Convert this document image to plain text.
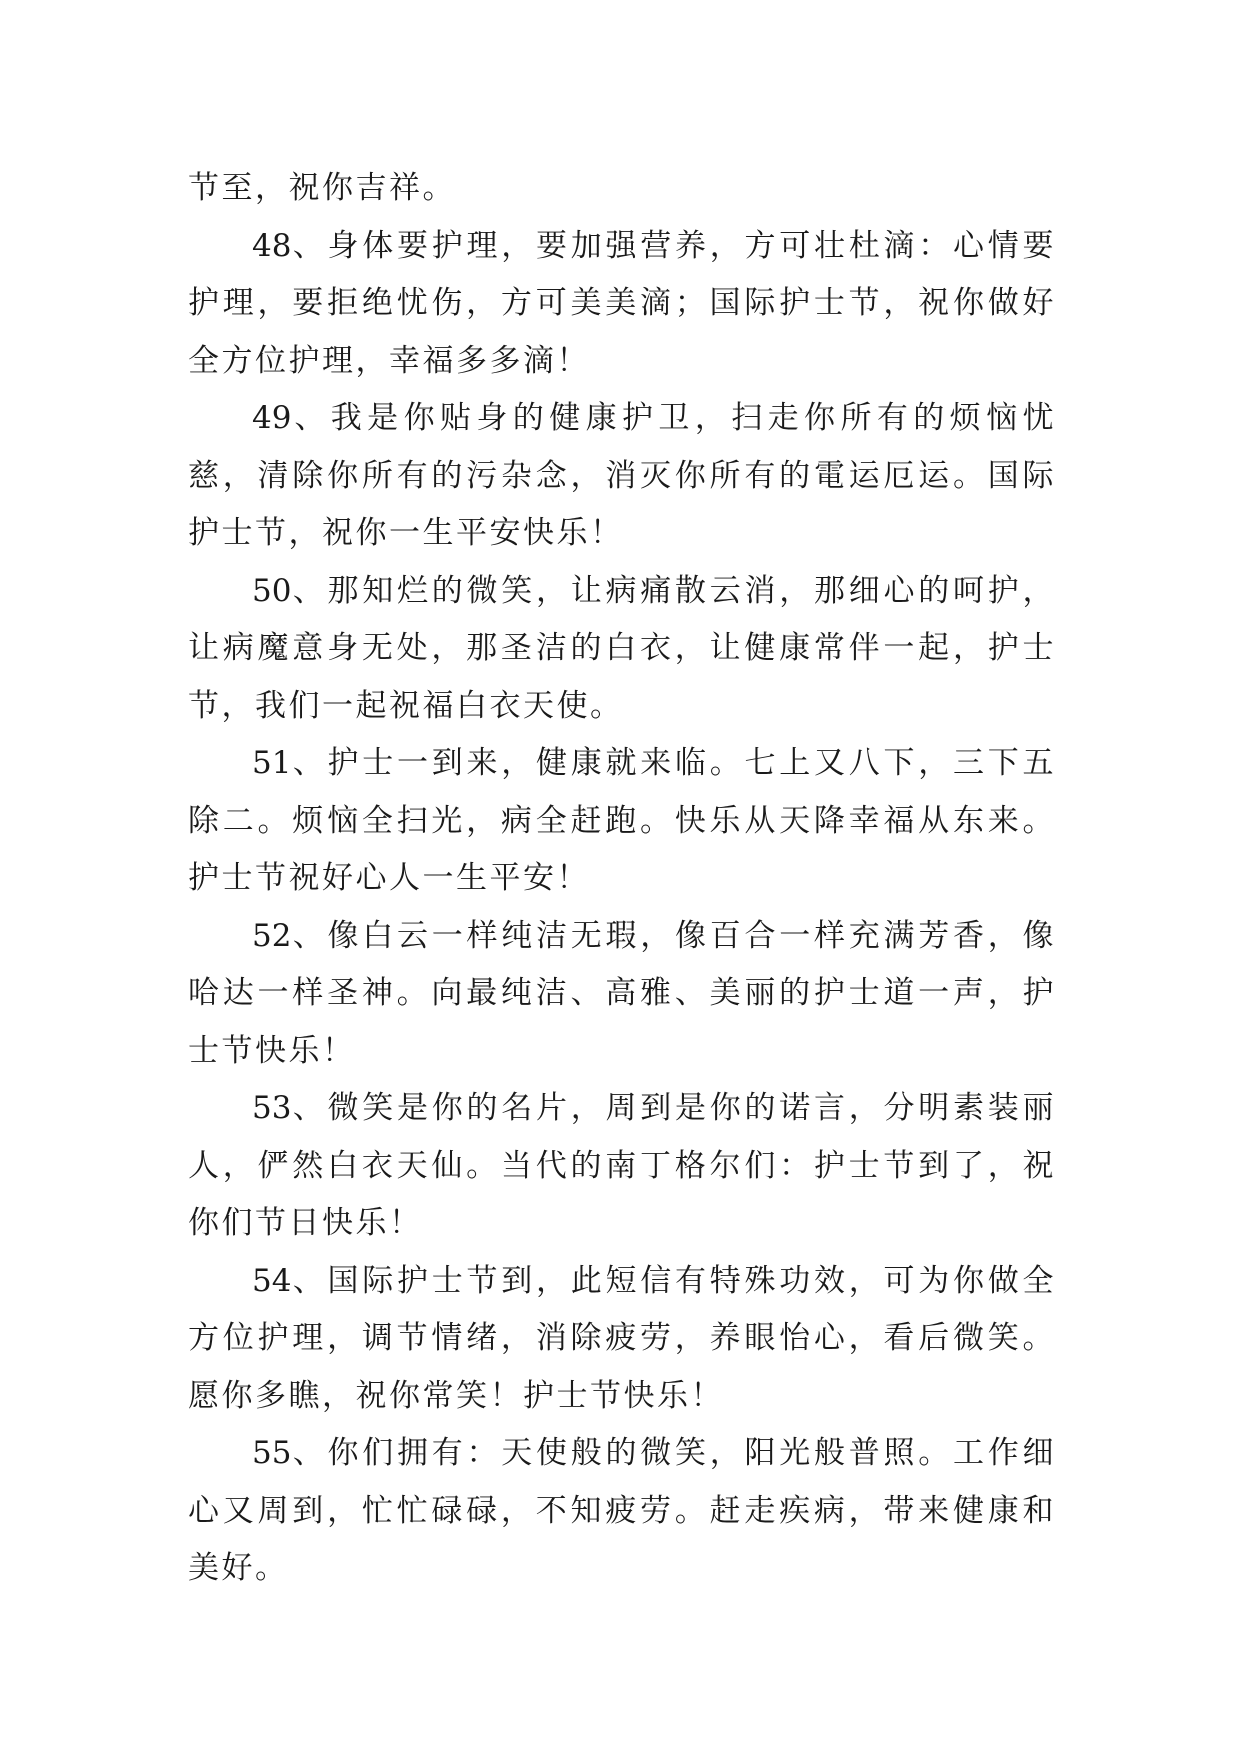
节至，祝你吉祥。

48、身体要护理，要加强营养，方可壮杜滴：心情要护理，要拒绝忧伤，方可美美滴；国际护士节，祝你做好全方位护理，幸福多多滴！

49、我是你贴身的健康护卫，扫走你所有的烦恼忧慈，清除你所有的污杂念，消灭你所有的電运厄运。国际护士节，祝你一生平安快乐！

50、那知烂的微笑，让病痛散云消，那细心的呵护，让病魔意身无处，那圣洁的白衣，让健康常伴一起，护士节，我们一起祝福白衣天使。

51、护士一到来，健康就来临。七上又八下，三下五除二。烦恼全扫光，病全赶跑。快乐从天降幸福从东来。护士节祝好心人一生平安！

52、像白云一样纯洁无瑕，像百合一样充满芳香，像哈达一样圣神。向最纯洁、高雅、美丽的护士道一声，护士节快乐！

53、微笑是你的名片，周到是你的诺言，分明素装丽人，俨然白衣天仙。当代的南丁格尔们：护士节到了，祝你们节日快乐！

54、国际护士节到，此短信有特殊功效，可为你做全方位护理，调节情绪，消除疲劳，养眼怡心，看后微笑。愿你多瞧，祝你常笑！护士节快乐！

55、你们拥有：天使般的微笑，阳光般普照。工作细心又周到，忙忙碌碌，不知疲劳。赶走疾病，带来健康和美好。
